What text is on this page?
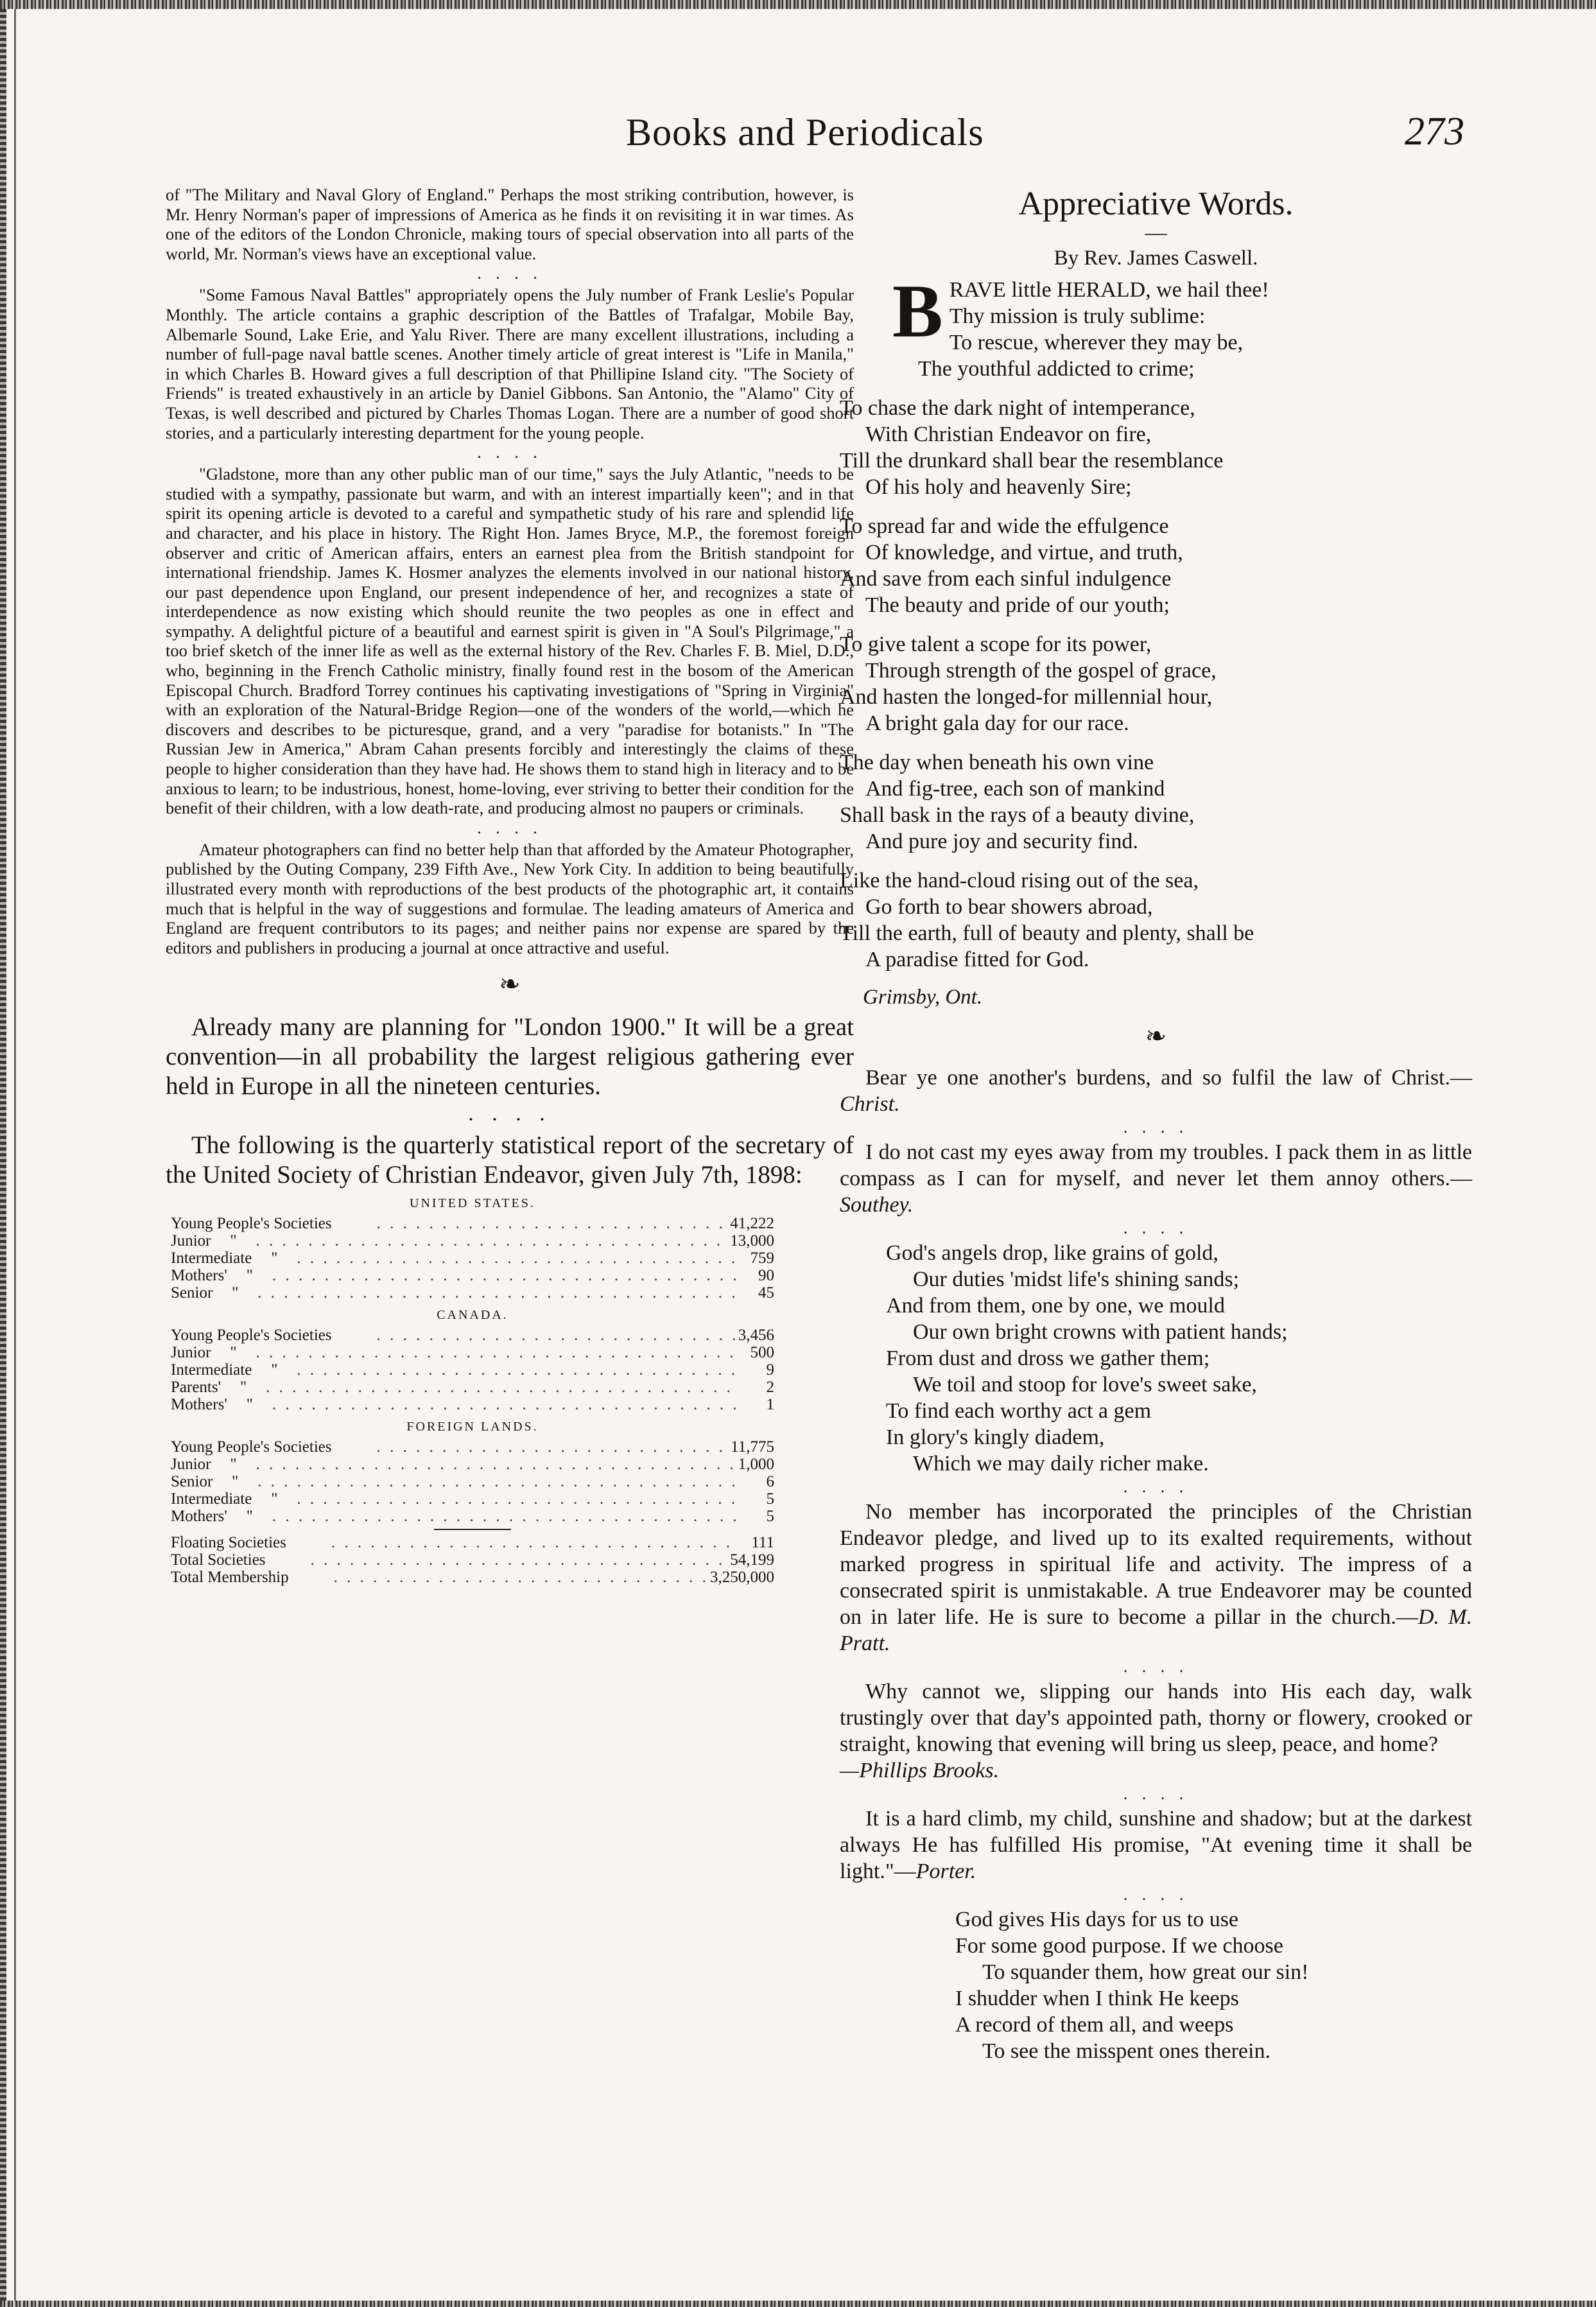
Books and Periodicals	273

of "The Military and Naval Glory of England." Perhaps the most striking contribution, however, is Mr. Henry Norman's paper of impressions of America as he finds it on revisiting it in war times. As one of the editors of the London Chronicle, making tours of special observation into all parts of the world, Mr. Norman's views have an exceptional value.

. . . .

"Some Famous Naval Battles" appropriately opens the July number of Frank Leslie's Popular Monthly. The article contains a graphic description of the Battles of Trafalgar, Mobile Bay, Albemarle Sound, Lake Erie, and Yalu River. There are many excellent illustrations, including a number of full-page naval battle scenes. Another timely article of great interest is "Life in Manila," in which Charles B. Howard gives a full description of that Phillipine Island city. "The Society of Friends" is treated exhaustively in an article by Daniel Gibbons. San Antonio, the "Alamo" City of Texas, is well described and pictured by Charles Thomas Logan. There are a number of good short stories, and a particularly interesting department for the young people.

. . . .

"Gladstone, more than any other public man of our time," says the July Atlantic, "needs to be studied with a sympathy, passionate but warm, and with an interest impartially keen"; and in that spirit its opening article is devoted to a careful and sympathetic study of his rare and splendid life and character, and his place in history. The Right Hon. James Bryce, M.P., the foremost foreign observer and critic of American affairs, enters an earnest plea from the British standpoint for international friendship. James K. Hosmer analyzes the elements involved in our national history, our past dependence upon England, our present independence of her, and recognizes a state of interdependence as now existing which should reunite the two peoples as one in effect and sympathy. A delightful picture of a beautiful and earnest spirit is given in "A Soul's Pilgrimage," a too brief sketch of the inner life as well as the external history of the Rev. Charles F. B. Miel, D.D., who, beginning in the French Catholic ministry, finally found rest in the bosom of the American Episcopal Church. Bradford Torrey continues his captivating investigations of "Spring in Virginia" with an exploration of the Natural-Bridge Region—one of the wonders of the world,—which he discovers and describes to be picturesque, grand, and a very "paradise for botanists." In "The Russian Jew in America," Abram Cahan presents forcibly and interestingly the claims of these people to higher consideration than they have had. He shows them to stand high in literacy and to be anxious to learn; to be industrious, honest, home-loving, ever striving to better their condition for the benefit of their children, with a low death-rate, and producing almost no paupers or criminals.

. . . .

Amateur photographers can find no better help than that afforded by the Amateur Photographer, published by the Outing Company, 239 Fifth Ave., New York City. In addition to being beautifully illustrated every month with reproductions of the best products of the photographic art, it contains much that is helpful in the way of suggestions and formulae. The leading amateurs of America and England are frequent contributors to its pages; and neither pains nor expense are spared by the editors and publishers in producing a journal at once attractive and useful.

❧

Already many are planning for "London 1900." It will be a great convention—in all probability the largest religious gathering ever held in Europe in all the nineteen centuries.

. . . .

The following is the quarterly statistical report of the secretary of the United Society of Christian Endeavor, given July 7th, 1898:

UNITED STATES.
Young People's Societies . . .	41,222
Junior	" . . .	13,000
Intermediate	" . . .	759
Mothers'	" . . .	90
Senior	" . . .	45
CANADA.
Young People's Societies . . .	3,456
Junior	" . . .	500
Intermediate	" . . .	9
Parents'	" . . .	2
Mothers'	" . . .	1
FOREIGN LANDS.
Young People's Societies . . .	11,775
Junior	" . . .	1,000
Senior	" . . .	6
Intermediate	" . . .	5
Mothers'	" . . .	5
Floating Societies . . .	111
Total Societies . . .	54,199
Total Membership . . .	3,250,000
Appreciative Words.
—
By Rev. James Caswell.
B RAVE little HERALD, we hail thee!
Thy mission is truly sublime:
To rescue, wherever they may be,
The youthful addicted to crime;
To chase the dark night of intemperance,
With Christian Endeavor on fire,
Till the drunkard shall bear the resemblance
Of his holy and heavenly Sire;
To spread far and wide the effulgence
Of knowledge, and virtue, and truth,
And save from each sinful indulgence
The beauty and pride of our youth;
To give talent a scope for its power,
Through strength of the gospel of grace,
And hasten the longed-for millennial hour,
A bright gala day for our race.
The day when beneath his own vine
And fig-tree, each son of mankind
Shall bask in the rays of a beauty divine,
And pure joy and security find.
Like the hand-cloud rising out of the sea,
Go forth to bear showers abroad,
Till the earth, full of beauty and plenty, shall be
A paradise fitted for God.
Grimsby, Ont.
❧

Bear ye one another's burdens, and so fulfil the law of Christ.—Christ.

. . . .

I do not cast my eyes away from my troubles. I pack them in as little compass as I can for myself, and never let them annoy others.—Southey.

. . . .
God's angels drop, like grains of gold,
Our duties 'midst life's shining sands;
And from them, one by one, we mould
Our own bright crowns with patient hands;
From dust and dross we gather them;
We toil and stoop for love's sweet sake,
To find each worthy act a gem
In glory's kingly diadem,
Which we may daily richer make.
. . . .

No member has incorporated the principles of the Christian Endeavor pledge, and lived up to its exalted requirements, without marked progress in spiritual life and activity. The impress of a consecrated spirit is unmistakable. A true Endeavorer may be counted on in later life. He is sure to become a pillar in the church.—D. M. Pratt.

. . . .

Why cannot we, slipping our hands into His each day, walk trustingly over that day's appointed path, thorny or flowery, crooked or straight, knowing that evening will bring us sleep, peace, and home?
—Phillips Brooks.

. . . .

It is a hard climb, my child, sunshine and shadow; but at the darkest always He has fulfilled His promise, "At evening time it shall be light."—Porter.

. . . .
God gives His days for us to use
For some good purpose. If we choose
To squander them, how great our sin!
I shudder when I think He keeps
A record of them all, and weeps
To see the misspent ones therein.
